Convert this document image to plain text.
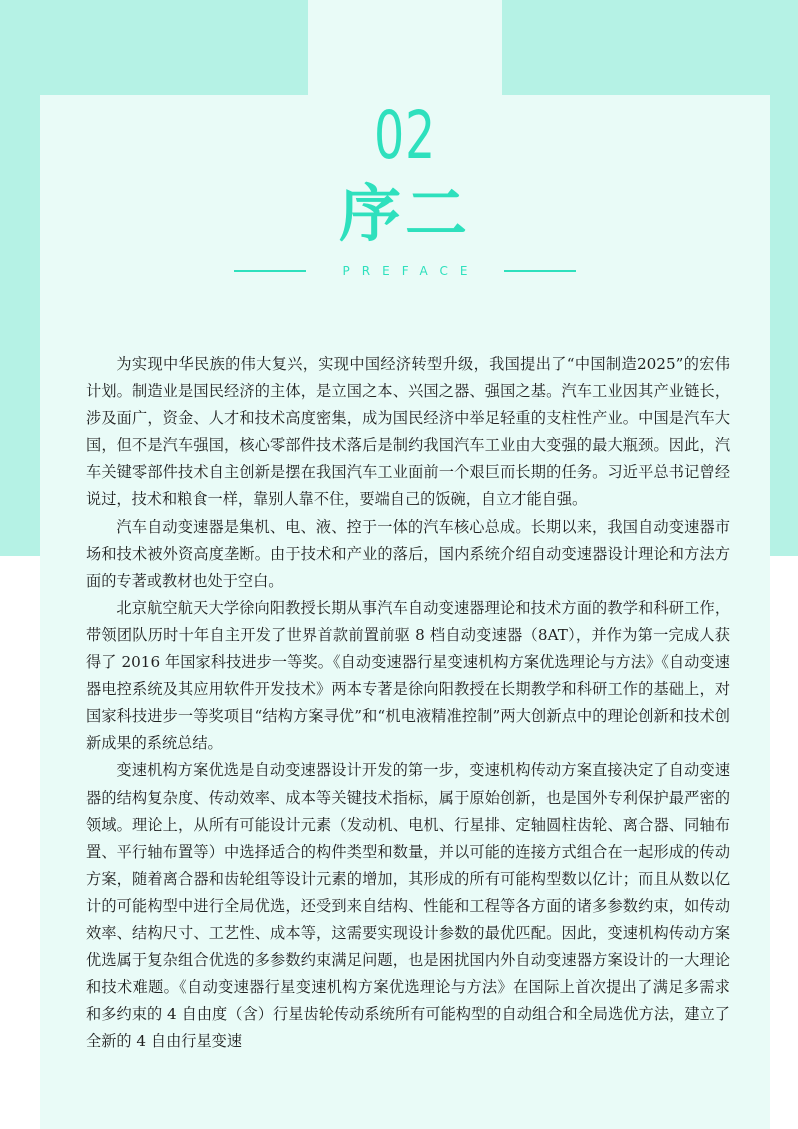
02
序二
PREFACE

为实现中华民族的伟大复兴，实现中国经济转型升级，我国提出了“中国制造2025”的宏伟计划。制造业是国民经济的主体，是立国之本、兴国之器、强国之基。汽车工业因其产业链长，涉及面广，资金、人才和技术高度密集，成为国民经济中举足轻重的支柱性产业。中国是汽车大国，但不是汽车强国，核心零部件技术落后是制约我国汽车工业由大变强的最大瓶颈。因此，汽车关键零部件技术自主创新是摆在我国汽车工业面前一个艰巨而长期的任务。习近平总书记曾经说过，技术和粮食一样，靠别人靠不住，要端自己的饭碗，自立才能自强。

汽车自动变速器是集机、电、液、控于一体的汽车核心总成。长期以来，我国自动变速器市场和技术被外资高度垄断。由于技术和产业的落后，国内系统介绍自动变速器设计理论和方法方面的专著或教材也处于空白。

北京航空航天大学徐向阳教授长期从事汽车自动变速器理论和技术方面的教学和科研工作，带领团队历时十年自主开发了世界首款前置前驱 8 档自动变速器（8AT），并作为第一完成人获得了 2016 年国家科技进步一等奖。《自动变速器行星变速机构方案优选理论与方法》《自动变速器电控系统及其应用软件开发技术》两本专著是徐向阳教授在长期教学和科研工作的基础上，对国家科技进步一等奖项目“结构方案寻优”和“机电液精准控制”两大创新点中的理论创新和技术创新成果的系统总结。

变速机构方案优选是自动变速器设计开发的第一步，变速机构传动方案直接决定了自动变速器的结构复杂度、传动效率、成本等关键技术指标，属于原始创新，也是国外专利保护最严密的领域。理论上，从所有可能设计元素（发动机、电机、行星排、定轴圆柱齿轮、离合器、同轴布置、平行轴布置等）中选择适合的构件类型和数量，并以可能的连接方式组合在一起形成的传动方案，随着离合器和齿轮组等设计元素的增加，其形成的所有可能构型数以亿计；而且从数以亿计的可能构型中进行全局优选，还受到来自结构、性能和工程等各方面的诸多参数约束，如传动效率、结构尺寸、工艺性、成本等，这需要实现设计参数的最优匹配。因此，变速机构传动方案优选属于复杂组合优选的多参数约束满足问题，也是困扰国内外自动变速器方案设计的一大理论和技术难题。《自动变速器行星变速机构方案优选理论与方法》在国际上首次提出了满足多需求和多约束的 4 自由度（含）行星齿轮传动系统所有可能构型的自动组合和全局选优方法，建立了全新的 4 自由行星变速
